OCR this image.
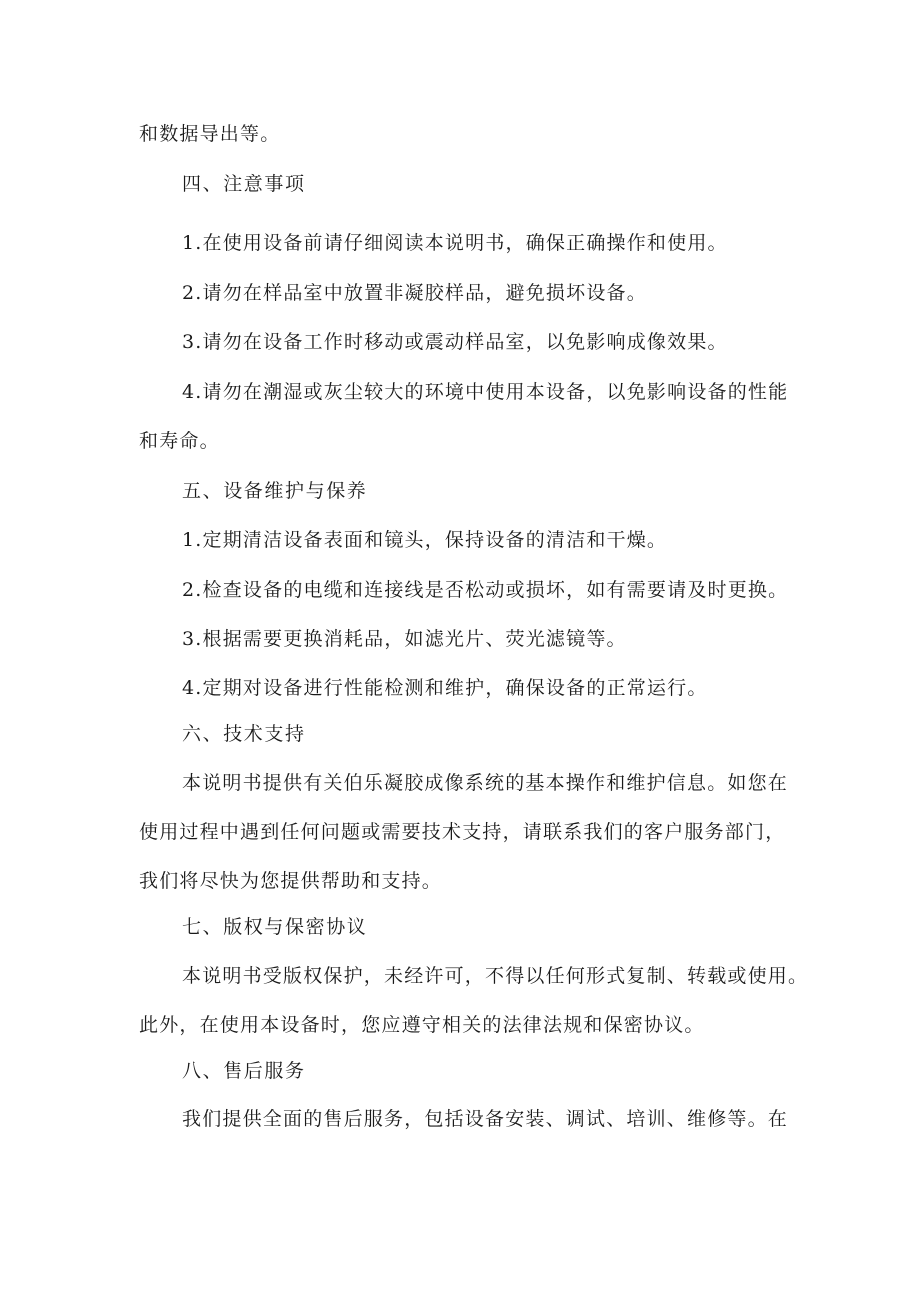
和数据导出等。
四、注意事项
1.在使用设备前请仔细阅读本说明书，确保正确操作和使用。
2.请勿在样品室中放置非凝胶样品，避免损坏设备。
3.请勿在设备工作时移动或震动样品室，以免影响成像效果。
4.请勿在潮湿或灰尘较大的环境中使用本设备，以免影响设备的性能
和寿命。
五、设备维护与保养
1.定期清洁设备表面和镜头，保持设备的清洁和干燥。
2.检查设备的电缆和连接线是否松动或损坏，如有需要请及时更换。
3.根据需要更换消耗品，如滤光片、荧光滤镜等。
4.定期对设备进行性能检测和维护，确保设备的正常运行。
六、技术支持
本说明书提供有关伯乐凝胶成像系统的基本操作和维护信息。如您在
使用过程中遇到任何问题或需要技术支持，请联系我们的客户服务部门，
我们将尽快为您提供帮助和支持。
七、版权与保密协议
本说明书受版权保护，未经许可，不得以任何形式复制、转载或使用。
此外，在使用本设备时，您应遵守相关的法律法规和保密协议。
八、售后服务
我们提供全面的售后服务，包括设备安装、调试、培训、维修等。在
